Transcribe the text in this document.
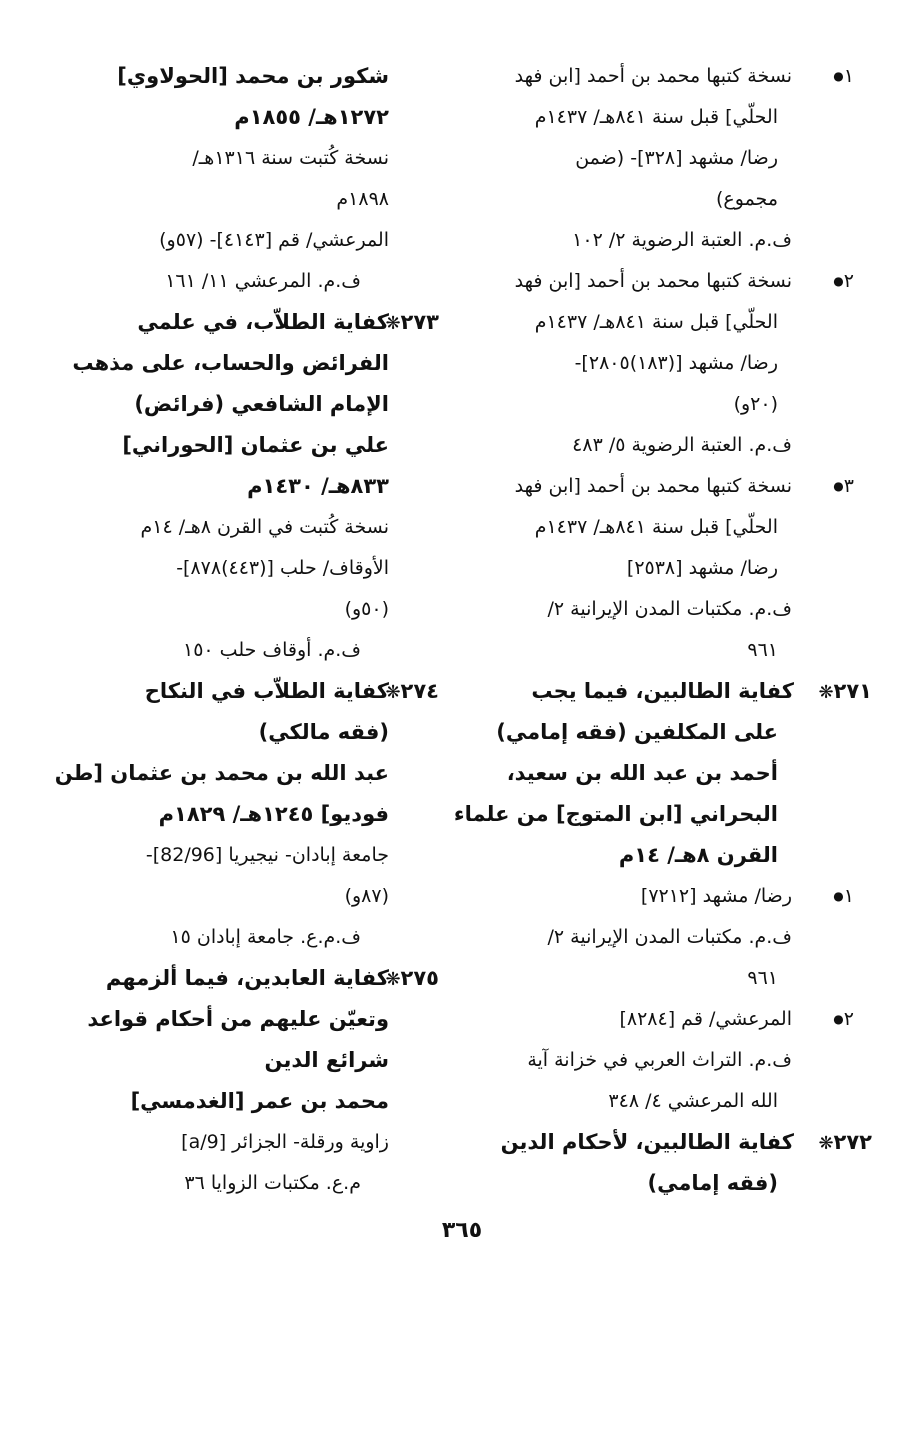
١●
نسخة كتبها محمد بن أحمد [ابن فهد
الحلّي] قبل سنة ٨٤١هـ/ ١٤٣٧م
رضا/ مشهد [٣٢٨]- (ضمن
مجموع)
ف.م. العتبة الرضوية ٢/ ١٠٢
٢●
نسخة كتبها محمد بن أحمد [ابن فهد
الحلّي] قبل سنة ٨٤١هـ/ ١٤٣٧م
رضا/ مشهد [(١٨٣)٢٨٠٥]-
(٢٠و)
ف.م. العتبة الرضوية ٥/ ٤٨٣
٣●
نسخة كتبها محمد بن أحمد [ابن فهد
الحلّي] قبل سنة ٨٤١هـ/ ١٤٣٧م
رضا/ مشهد [٢٥٣٨]
ف.م. مكتبات المدن الإيرانية ٢/
٩٦١
٢٧١❋
كفاية الطالبين، فيما يجب
على المكلفين (فقه إمامي)
أحمد بن عبد الله بن سعيد،
البحراني [ابن المتوج] من علماء
القرن ٨هـ/ ١٤م
١●
رضا/ مشهد [٧٢١٢]
ف.م. مكتبات المدن الإيرانية ٢/
٩٦١
٢●
المرعشي/ قم [٨٢٨٤]
ف.م. التراث العربي في خزانة آية
الله المرعشي ٤/ ٣٤٨
٢٧٢❋
كفاية الطالبين، لأحكام الدين
(فقه إمامي)
شكور بن محمد [الحولاوي]
١٢٧٢هـ/ ١٨٥٥م
نسخة كُتبت سنة ١٣١٦هـ/
١٨٩٨م
المرعشي/ قم [٤١٤٣]- (٥٧و)
ف.م. المرعشي ١١/ ١٦١
٢٧٣❋
كفاية الطلاّب، في علمي
الفرائض والحساب، على مذهب
الإمام الشافعي (فرائض)
علي بن عثمان [الحوراني]
٨٣٣هـ/ ١٤٣٠م
نسخة كُتبت في القرن ٨هـ/ ١٤م
الأوقاف/ حلب [(٤٤٣)٨٧٨]-
(٥٠و)
ف.م. أوقاف حلب ١٥٠
٢٧٤❋
كفاية الطلاّب في النكاح
(فقه مالكي)
عبد الله بن محمد بن عثمان [طن
فوديو] ١٢٤٥هـ/ ١٨٢٩م
جامعة إبادان- نيجيريا [82/96]-
(٨٧و)
ف.م.ع. جامعة إبادان ١٥
٢٧٥❋
كفاية العابدين، فيما ألزمهم
وتعيّن عليهم من أحكام قواعد
شرائع الدين
محمد بن عمر [الغدمسي]
زاوية ورقلة- الجزائر [9/a]
م.ع. مكتبات الزوايا ٣٦
٣٦٥
